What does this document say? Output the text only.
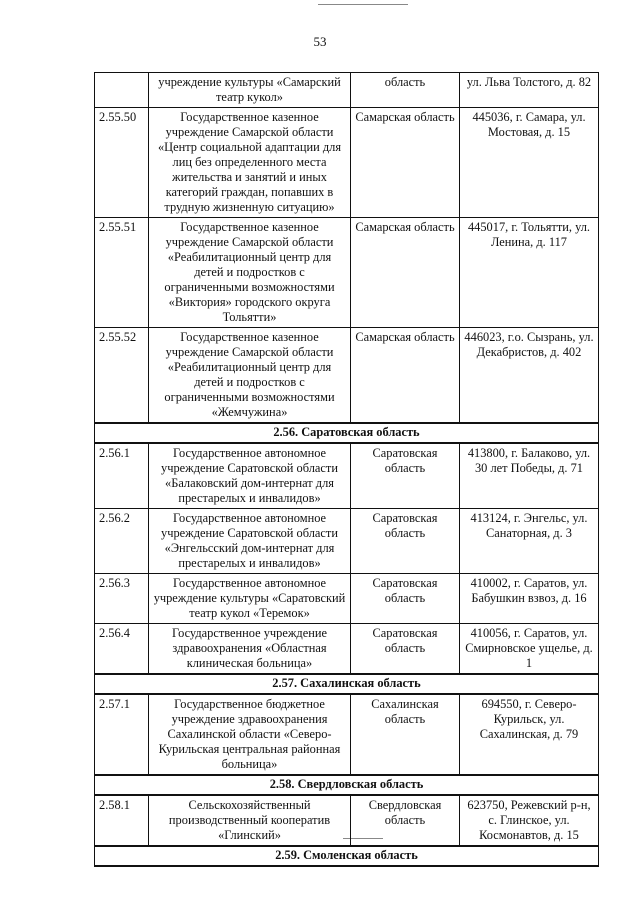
53
	учреждение культуры «Самарский театр кукол»	область	ул. Льва Толстого, д. 82
2.55.50	Государственное казенное учреждение Самарской области «Центр социальной адаптации для лиц без определенного места жительства и занятий и иных категорий граждан, попавших в трудную жизненную ситуацию»	Самарская область	445036, г. Самара, ул. Мостовая, д. 15
2.55.51	Государственное казенное учреждение Самарской области «Реабилитационный центр для детей и подростков с ограниченными возможностями «Виктория» городского округа Тольятти»	Самарская область	445017, г. Тольятти, ул. Ленина, д. 117
2.55.52	Государственное казенное учреждение Самарской области «Реабилитационный центр для детей и подростков с ограниченными возможностями «Жемчужина»	Самарская область	446023, г.о. Сызрань, ул. Декабристов, д. 402
2.56. Саратовская область			
2.56.1	Государственное автономное учреждение Саратовской области «Балаковский дом-интернат для престарелых и инвалидов»	Саратовская область	413800, г. Балаково, ул. 30 лет Победы, д. 71
2.56.2	Государственное автономное учреждение Саратовской области «Энгельсский дом-интернат для престарелых и инвалидов»	Саратовская область	413124, г. Энгельс, ул. Санаторная, д. 3
2.56.3	Государственное автономное учреждение культуры «Саратовский театр кукол «Теремок»	Саратовская область	410002, г. Саратов, ул. Бабушкин взвоз, д. 16
2.56.4	Государственное учреждение здравоохранения «Областная клиническая больница»	Саратовская область	410056, г. Саратов, ул. Смирновское ущелье, д. 1
2.57. Сахалинская область			
2.57.1	Государственное бюджетное учреждение здравоохранения Сахалинской области «Северо-Курильская центральная районная больница»	Сахалинская область	694550, г. Северо-Курильск, ул. Сахалинская, д. 79
2.58. Свердловская область			
2.58.1	Сельскохозяйственный производственный кооператив «Глинский»	Свердловская область	623750, Режевский р-н, с. Глинское, ул. Космонавтов, д. 15
2.59. Смоленская область			
